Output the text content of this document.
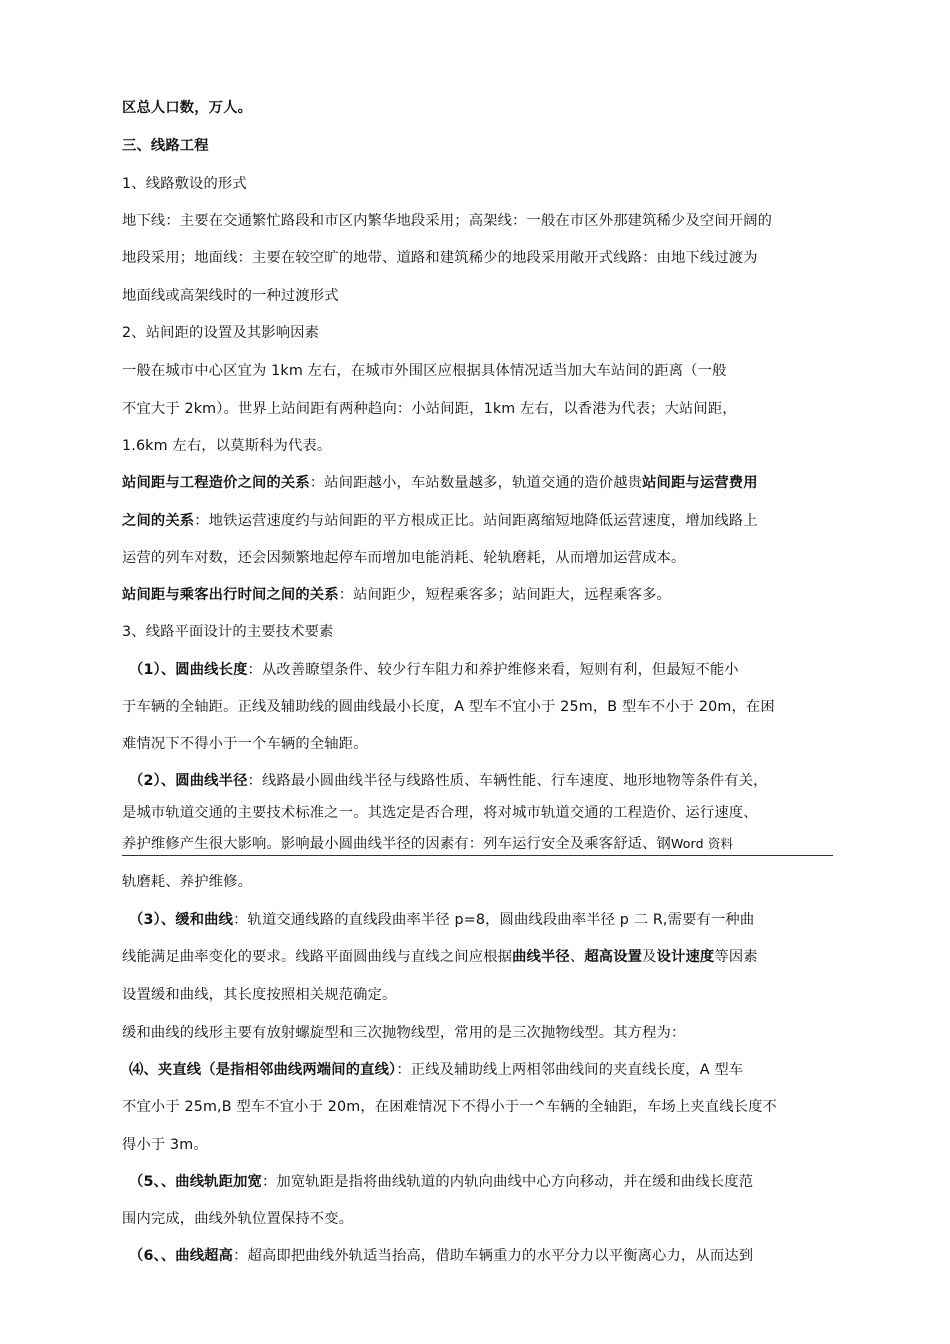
区总人口数，万人。
三、线路工程
1、线路敷设的形式
地下线：主要在交通繁忙路段和市区内繁华地段采用；高架线：一般在市区外那建筑稀少及空间开阔的
地段采用；地面线：主要在较空旷的地带、道路和建筑稀少的地段采用敞开式线路：由地下线过渡为
地面线或高架线时的一种过渡形式
2、站间距的设置及其影响因素
一般在城市中心区宜为 1km 左右，在城市外围区应根据具体情况适当加大车站间的距离（一般
不宜大于 2km）。世界上站间距有两种趋向：小站间距，1km 左右，以香港为代表；大站间距，
1.6km 左右，以莫斯科为代表。
站间距与工程造价之间的关系：站间距越小，车站数量越多，轨道交通的造价越贵站间距与运营费用
之间的关系：地铁运营速度约与站间距的平方根成正比。站间距离缩短地降低运营速度，增加线路上
运营的列车对数，还会因频繁地起停车而增加电能消耗、轮轨磨耗，从而增加运营成本。
站间距与乘客出行时间之间的关系：站间距少，短程乘客多；站间距大，远程乘客多。
3、线路平面设计的主要技术要素
（1）、圆曲线长度：从改善瞭望条件、较少行车阻力和养护维修来看，短则有利，但最短不能小
于车辆的全轴距。正线及辅助线的圆曲线最小长度，A 型车不宜小于 25m，B 型车不小于 20m，在困
难情况下不得小于一个车辆的全轴距。
（2）、圆曲线半径：线路最小圆曲线半径与线路性质、车辆性能、行车速度、地形地物等条件有关，
是城市轨道交通的主要技术标准之一。其选定是否合理，将对城市轨道交通的工程造价、运行速度、
养护维修产生很大影响。影响最小圆曲线半径的因素有：列车运行安全及乘客舒适、钢Word 资料
轨磨耗、养护维修。
（3）、缓和曲线：轨道交通线路的直线段曲率半径 p=8，圆曲线段曲率半径 p 二 R,需要有一种曲
线能满足曲率变化的要求。线路平面圆曲线与直线之间应根据曲线半径、超高设置及设计速度等因素
设置缓和曲线，其长度按照相关规范确定。
缓和曲线的线形主要有放射螺旋型和三次抛物线型，常用的是三次抛物线型。其方程为：
⑷、夹直线（是指相邻曲线两端间的直线）：正线及辅助线上两相邻曲线间的夹直线长度，A 型车
不宜小于 25m,B 型车不宜小于 20m，在困难情况下不得小于一^车辆的全轴距，车场上夹直线长度不
得小于 3m。
（5、、曲线轨距加宽：加宽轨距是指将曲线轨道的内轨向曲线中心方向移动，并在缓和曲线长度范
围内完成，曲线外轨位置保持不变。
（6、、曲线超高：超高即把曲线外轨适当抬高，借助车辆重力的水平分力以平衡离心力，从而达到
